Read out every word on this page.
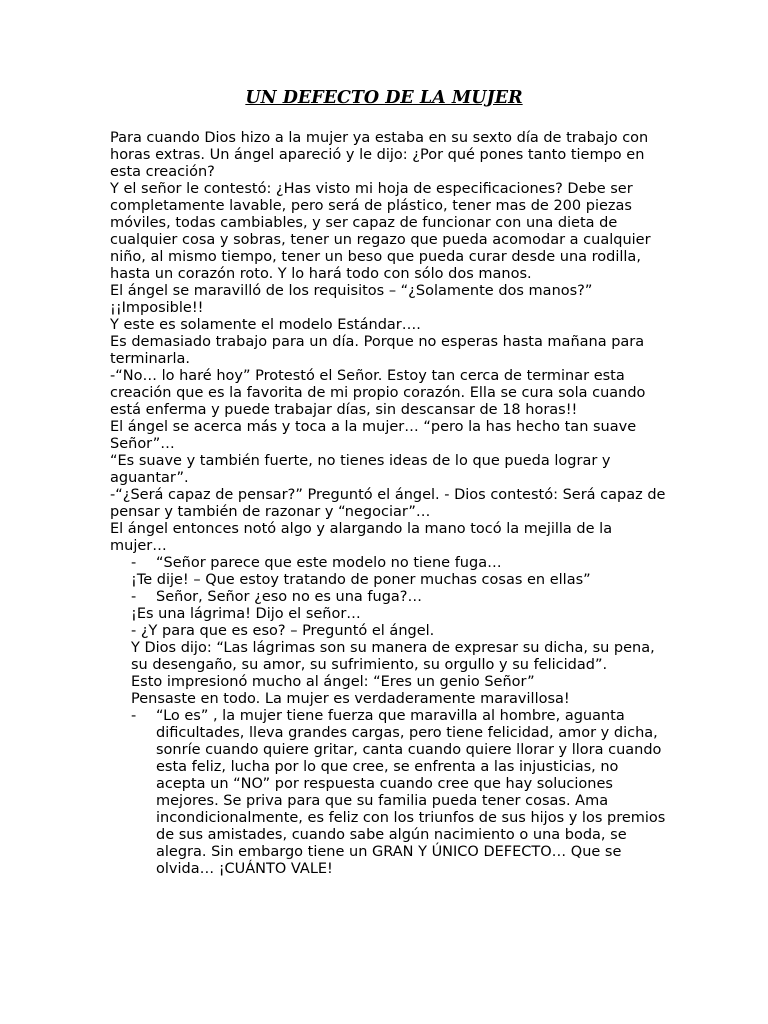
UN DEFECTO DE LA MUJER

Para cuando Dios hizo a la mujer ya estaba en su sexto día de trabajo con horas extras. Un ángel apareció y le dijo: ¿Por qué pones tanto tiempo en esta creación?

Y el señor le contestó: ¿Has visto mi hoja de especificaciones? Debe ser completamente lavable, pero será de plástico, tener mas de 200 piezas móviles, todas cambiables, y ser capaz de funcionar con una dieta de cualquier cosa y sobras, tener un regazo que pueda acomodar a cualquier niño, al mismo tiempo, tener un beso que pueda curar desde una rodilla, hasta un corazón roto. Y lo hará todo con sólo dos manos.

El ángel se maravilló de los requisitos – “¿Solamente dos manos?” ¡¡Imposible!!

Y este es solamente el modelo Estándar….

Es demasiado trabajo para un día. Porque no esperas hasta mañana para terminarla.

-“No… lo haré hoy” Protestó el Señor. Estoy tan cerca de terminar esta creación que es la favorita de mi propio corazón. Ella se cura sola cuando está enferma y puede trabajar días, sin descansar de 18 horas!!

El ángel se acerca más y toca a la mujer… “pero la has hecho tan suave Señor”…

“Es suave y también fuerte, no tienes ideas de lo que pueda lograr y aguantar”.

-“¿Será capaz de pensar?” Preguntó el ángel. - Dios contestó: Será capaz de pensar y también de razonar y “negociar”…

El ángel entonces notó algo y alargando la mano tocó la mejilla de la mujer…

- “Señor parece que este modelo no tiene fuga…

¡Te dije! – Que estoy tratando de poner muchas cosas en ellas”

- Señor, Señor ¿eso no es una fuga?…

¡Es una lágrima! Dijo el señor…

- ¿Y para que es eso? – Preguntó el ángel.

Y Dios dijo: “Las lágrimas son su manera de expresar su dicha, su pena, su desengaño, su amor, su sufrimiento, su orgullo y su felicidad”.

Esto impresionó mucho al ángel: “Eres un genio Señor”

Pensaste en todo. La mujer es verdaderamente maravillosa!

- “Lo es” , la mujer tiene fuerza que maravilla al hombre, aguanta dificultades, lleva grandes cargas, pero tiene felicidad, amor y dicha, sonríe cuando quiere gritar, canta cuando quiere llorar y llora cuando esta feliz, lucha por lo que cree, se enfrenta a las injusticias, no acepta un “NO” por respuesta cuando cree que hay soluciones mejores. Se priva para que su familia pueda tener cosas. Ama incondicionalmente, es feliz con los triunfos de sus hijos y los premios de sus amistades, cuando sabe algún nacimiento o una boda, se alegra. Sin embargo tiene un GRAN Y ÚNICO DEFECTO… Que se olvida… ¡CUÁNTO VALE!
